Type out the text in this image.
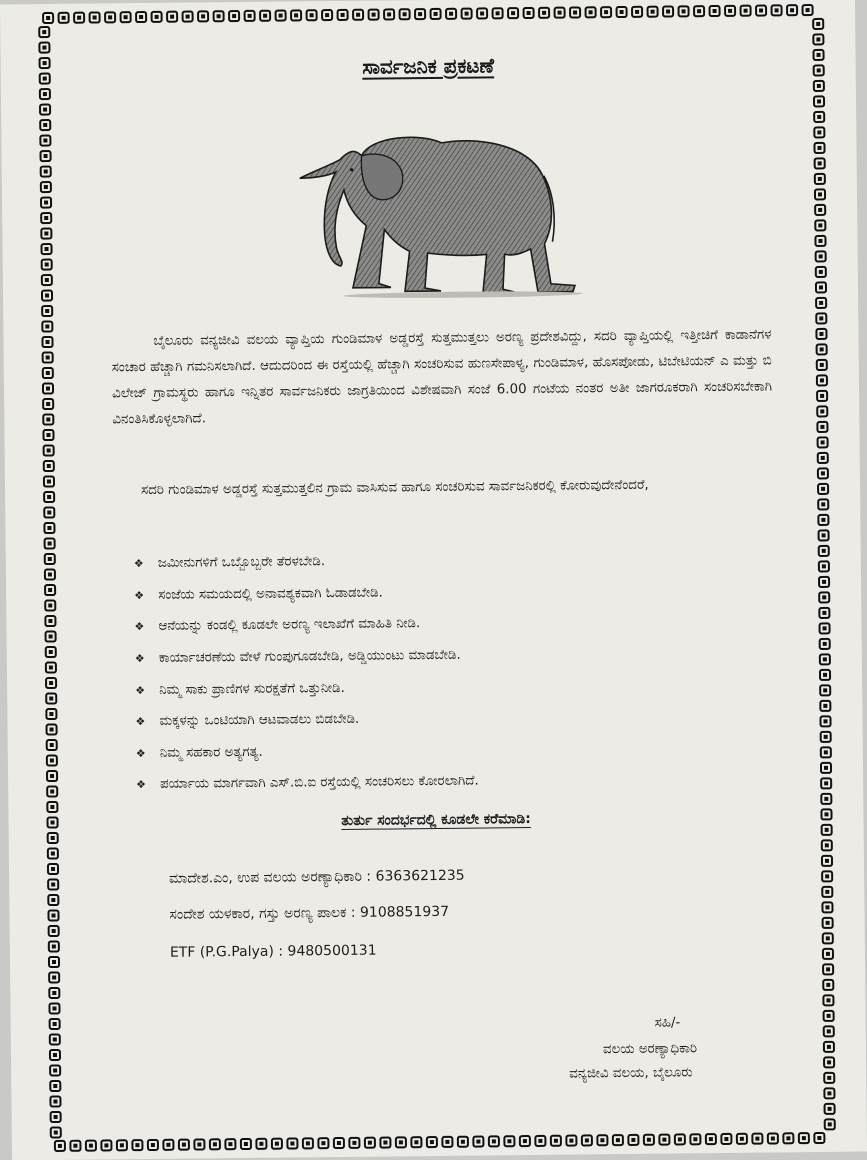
ಸಾರ್ವಜನಿಕ ಪ್ರಕಟಣೆ
ಬೈಲೂರು ವನ್ಯಜೀವಿ ವಲಯ ವ್ಯಾಪ್ತಿಯ ಗುಂಡಿಮಾಳ ಅಡ್ಡರಸ್ತೆ ಸುತ್ತಮುತ್ತಲು ಅರಣ್ಯ ಪ್ರದೇಶವಿದ್ದು, ಸದರಿ ವ್ಯಾಪ್ತಿಯಲ್ಲಿ ಇತ್ತೀಚಿಗೆ ಕಾಡಾನೆಗಳ ಸಂಚಾರ ಹೆಚ್ಚಾಗಿ ಗಮನಿಸಲಾಗಿದೆ. ಆದುದರಿಂದ ಈ ರಸ್ತೆಯಲ್ಲಿ ಹೆಚ್ಚಾಗಿ ಸಂಚರಿಸುವ ಹುಣಸೇಪಾಳ್ಯ, ಗುಂಡಿಮಾಳ, ಹೊಸಪೋಡು, ಟಿಬೇಟಿಯನ್ ಎ ಮತ್ತು ಬಿ ವಿಲೇಜ್ ಗ್ರಾಮಸ್ಥರು ಹಾಗೂ ಇನ್ನಿತರ ಸಾರ್ವಜನಿಕರು ಜಾಗ್ರತಿಯಿಂದ ವಿಶೇಷವಾಗಿ ಸಂಜೆ 6.00 ಗಂಟೆಯ ನಂತರ ಅತೀ ಜಾಗರೂಕರಾಗಿ ಸಂಚರಿಸಬೇಕಾಗಿ ವಿನಂತಿಸಿಕೊಳ್ಳಲಾಗಿದೆ.
ಸದರಿ ಗುಂಡಿಮಾಳ ಅಡ್ಡರಸ್ತೆ ಸುತ್ತಮುತ್ತಲಿನ ಗ್ರಾಮ ವಾಸಿಸುವ ಹಾಗೂ ಸಂಚರಿಸುವ ಸಾರ್ವಜನಿಕರಲ್ಲಿ ಕೋರುವುದೇನೆಂದರೆ,
❖	ಜಮೀನುಗಳಿಗೆ ಒಬ್ಬೊಬ್ಬರೇ ತೆರಳಬೇಡಿ.
❖	ಸಂಜೆಯ ಸಮಯದಲ್ಲಿ ಅನಾವಶ್ಯಕವಾಗಿ ಓಡಾಡಬೇಡಿ.
❖	ಆನೆಯನ್ನು ಕಂಡಲ್ಲಿ ಕೂಡಲೇ ಅರಣ್ಯ ಇಲಾಖೆಗೆ ಮಾಹಿತಿ ನೀಡಿ.
❖	ಕಾರ್ಯಾಚರಣೆಯ ವೇಳೆ ಗುಂಪುಗೂಡಬೇಡಿ, ಅಡ್ಡಿಯುಂಟು ಮಾಡಬೇಡಿ.
❖	ನಿಮ್ಮ ಸಾಕು ಪ್ರಾಣಿಗಳ ಸುರಕ್ಷತೆಗೆ ಒತ್ತುನೀಡಿ.
❖	ಮಕ್ಕಳನ್ನು ಒಂಟಿಯಾಗಿ ಆಟವಾಡಲು ಬಿಡಬೇಡಿ.
❖	ನಿಮ್ಮ ಸಹಕಾರ ಅತ್ಯಗತ್ಯ.
❖	ಪರ್ಯಾಯ ಮಾರ್ಗವಾಗಿ ಎಸ್.ಬಿ.ಐ ರಸ್ತೆಯಲ್ಲಿ ಸಂಚರಿಸಲು ಕೋರಲಾಗಿದೆ.
ತುರ್ತು ಸಂದರ್ಭದಲ್ಲಿ ಕೂಡಲೇ ಕರೆಮಾಡಿ:
ಮಾದೇಶ.ಎಂ, ಉಪ ವಲಯ ಅರಣ್ಯಾಧಿಕಾರಿ : 6363621235
ಸಂದೇಶ ಯಳಕಾರ, ಗಸ್ತು ಅರಣ್ಯ ಪಾಲಕ : 9108851937
ETF (P.G.Palya) : 9480500131
ಸಹಿ/-
ವಲಯ ಅರಣ್ಯಾಧಿಕಾರಿ
ವನ್ಯಜೀವಿ ವಲಯ, ಬೈಲೂರು
